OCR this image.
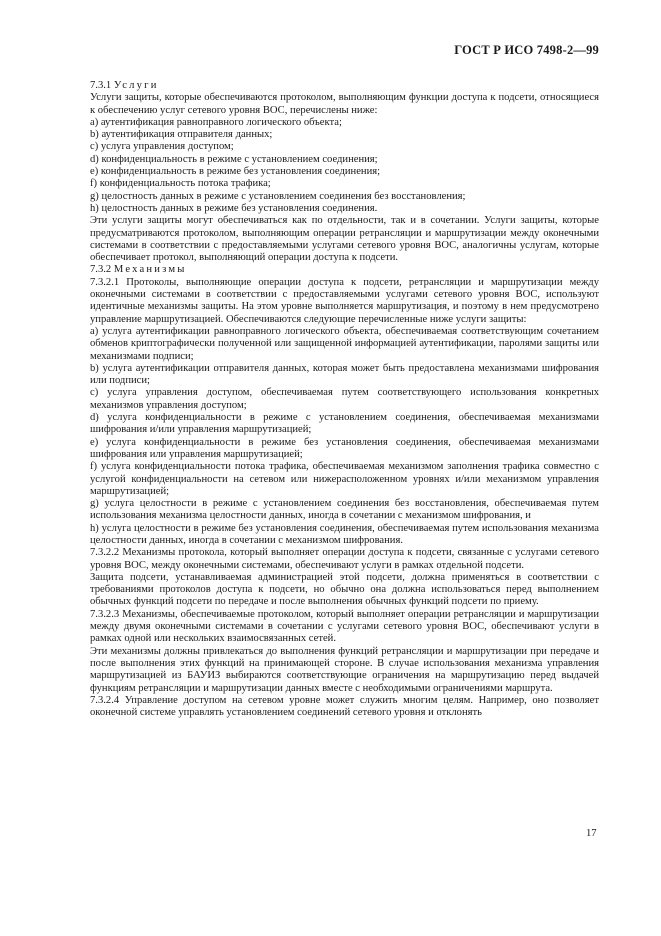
ГОСТ Р ИСО 7498-2—99

7.3.1 Услуги

Услуги защиты, которые обеспечиваются протоколом, выполняющим функции доступа к подсети, относящиеся к обеспечению услуг сетевого уровня ВОС, перечислены ниже:

a) аутентификация равноправного логического объекта;

b) аутентификация отправителя данных;

c) услуга управления доступом;

d) конфиденциальность в режиме с установлением соединения;

e) конфиденциальность в режиме без установления соединения;

f) конфиденциальность потока трафика;

g) целостность данных в режиме с установлением соединения без восстановления;

h) целостность данных в режиме без установления соединения.

Эти услуги защиты могут обеспечиваться как по отдельности, так и в сочетании. Услуги защиты, которые предусматриваются протоколом, выполняющим операции ретрансляции и маршрутизации между оконечными системами в соответствии с предоставляемыми услугами сетевого уровня ВОС, аналогичны услугам, которые обеспечивает протокол, выполняющий операции доступа к подсети.

7.3.2 Механизмы

7.3.2.1 Протоколы, выполняющие операции доступа к подсети, ретрансляции и маршрутизации между оконечными системами в соответствии с предоставляемыми услугами сетевого уровня ВОС, используют идентичные механизмы защиты. На этом уровне выполняется маршрутизация, и поэтому в нем предусмотрено управление маршрутизацией. Обеспечиваются следующие перечисленные ниже услуги защиты:

a) услуга аутентификации равноправного логического объекта, обеспечиваемая соответствующим сочетанием обменов криптографически полученной или защищенной информацией аутентификации, паролями защиты или механизмами подписи;

b) услуга аутентификации отправителя данных, которая может быть предоставлена механизмами шифрования или подписи;

c) услуга управления доступом, обеспечиваемая путем соответствующего использования конкретных механизмов управления доступом;

d) услуга конфиденциальности в режиме с установлением соединения, обеспечиваемая механизмами шифрования и/или управления маршрутизацией;

e) услуга конфиденциальности в режиме без установления соединения, обеспечиваемая механизмами шифрования или управления маршрутизацией;

f) услуга конфиденциальности потока трафика, обеспечиваемая механизмом заполнения трафика совместно с услугой конфиденциальности на сетевом или нижерасположенном уровнях и/или механизмом управления маршрутизацией;

g) услуга целостности в режиме с установлением соединения без восстановления, обеспечиваемая путем использования механизма целостности данных, иногда в сочетании с механизмом шифрования, и

h) услуга целостности в режиме без установления соединения, обеспечиваемая путем использования механизма целостности данных, иногда в сочетании с механизмом шифрования.

7.3.2.2 Механизмы протокола, который выполняет операции доступа к подсети, связанные с услугами сетевого уровня ВОС, между оконечными системами, обеспечивают услуги в рамках отдельной подсети.

Защита подсети, устанавливаемая администрацией этой подсети, должна применяться в соответствии с требованиями протоколов доступа к подсети, но обычно она должна использоваться перед выполнением обычных функций подсети по передаче и после выполнения обычных функций подсети по приему.

7.3.2.3 Механизмы, обеспечиваемые протоколом, который выполняет операции ретрансляции и маршрутизации между двумя оконечными системами в сочетании с услугами сетевого уровня ВОС, обеспечивают услуги в рамках одной или нескольких взаимосвязанных сетей.

Эти механизмы должны привлекаться до выполнения функций ретрансляции и маршрутизации при передаче и после выполнения этих функций на принимающей стороне. В случае использования механизма управления маршрутизацией из БАУИЗ выбираются соответствующие ограничения на маршрутизацию перед выдачей функциям ретрансляции и маршрутизации данных вместе с необходимыми ограничениями маршрута.

7.3.2.4 Управление доступом на сетевом уровне может служить многим целям. Например, оно позволяет оконечной системе управлять установлением соединений сетевого уровня и отклонять

17
